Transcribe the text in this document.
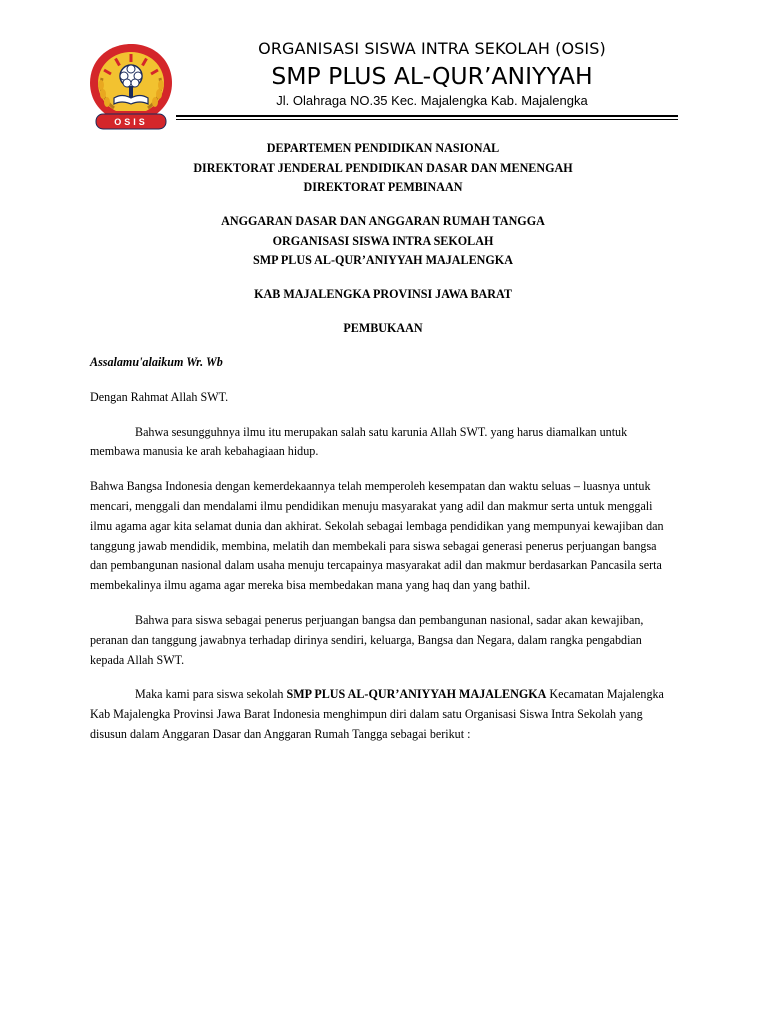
OSIS
ORGANISASI SISWA INTRA SEKOLAH (OSIS)
SMP PLUS AL-QUR’ANIYYAH
Jl. Olahraga NO.35 Kec. Majalengka Kab. Majalengka
DEPARTEMEN PENDIDIKAN NASIONAL
DIREKTORAT JENDERAL PENDIDIKAN DASAR DAN MENENGAH
DIREKTORAT PEMBINAAN
ANGGARAN DASAR DAN ANGGARAN RUMAH TANGGA
ORGANISASI SISWA INTRA SEKOLAH
SMP PLUS AL-QUR’ANIYYAH MAJALENGKA
KAB MAJALENGKA PROVINSI JAWA BARAT
PEMBUKAAN

Assalamu'alaikum Wr. Wb

Dengan Rahmat Allah SWT.

Bahwa sesungguhnya ilmu itu merupakan salah satu karunia Allah SWT. yang harus diamalkan untuk membawa manusia ke arah kebahagiaan hidup.

Bahwa Bangsa Indonesia dengan kemerdekaannya telah memperoleh kesempatan dan waktu seluas – luasnya untuk mencari, menggali dan mendalami ilmu pendidikan menuju masyarakat yang adil dan makmur serta untuk menggali ilmu agama agar kita selamat dunia dan akhirat. Sekolah sebagai lembaga pendidikan yang mempunyai kewajiban dan tanggung jawab mendidik, membina, melatih dan membekali para siswa sebagai generasi penerus perjuangan bangsa dan pembangunan nasional dalam usaha menuju tercapainya masyarakat adil dan makmur berdasarkan Pancasila serta membekalinya ilmu agama agar mereka bisa membedakan mana yang haq dan yang bathil.

Bahwa para siswa sebagai penerus perjuangan bangsa dan pembangunan nasional, sadar akan kewajiban, peranan dan tanggung jawabnya terhadap dirinya sendiri, keluarga, Bangsa dan Negara, dalam rangka pengabdian kepada Allah SWT.

Maka kami para siswa sekolah SMP PLUS AL-QUR’ANIYYAH MAJALENGKA Kecamatan Majalengka Kab Majalengka Provinsi Jawa Barat Indonesia menghimpun diri dalam satu Organisasi Siswa Intra Sekolah yang disusun dalam Anggaran Dasar dan Anggaran Rumah Tangga sebagai berikut :
